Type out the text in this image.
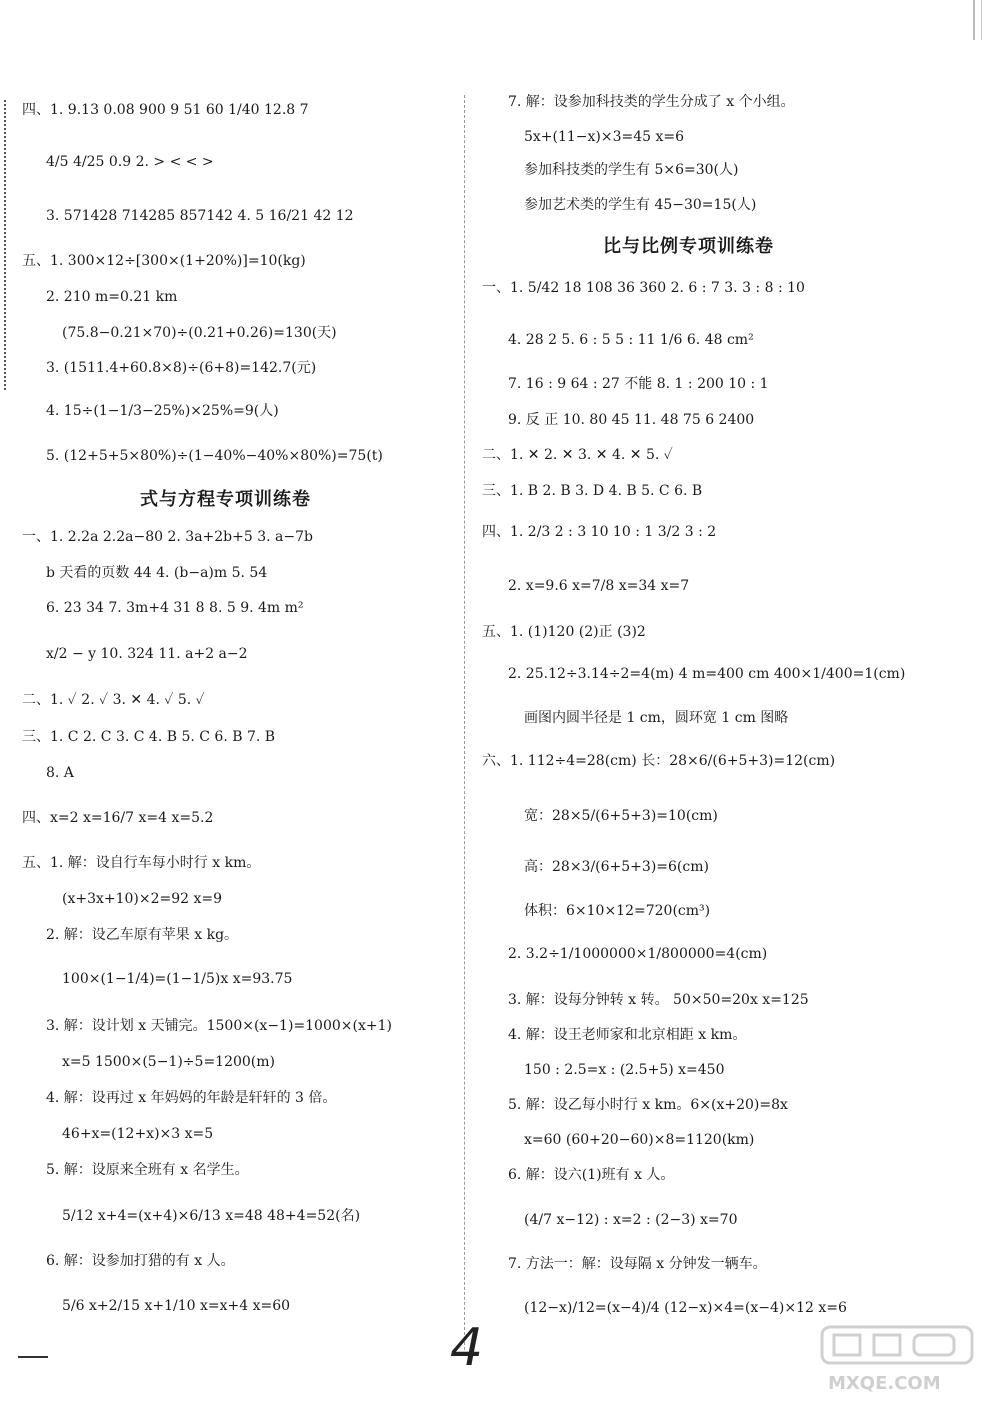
四、1. 9.13 0.08 900 9 51 60 1/40 12.8 7
4/5 4/25 0.9 2. > < < >
3. 571428 714285 857142 4. 5 16/21 42 12
五、1. 300×12÷[300×(1+20%)]=10(kg)
2. 210 m=0.21 km
(75.8−0.21×70)÷(0.21+0.26)=130(天)
3. (1511.4+60.8×8)÷(6+8)=142.7(元)
4. 15÷(1−1/3−25%)×25%=9(人)
5. (12+5+5×80%)÷(1−40%−40%×80%)=75(t)
式与方程专项训练卷
一、1. 2.2a 2.2a−80 2. 3a+2b+5 3. a−7b
b 天看的页数 44 4. (b−a)m 5. 54
6. 23 34 7. 3m+4 31 8 8. 5 9. 4m m²
x/2 − y 10. 324 11. a+2 a−2
二、1. ✓ 2. ✓ 3. ✕ 4. ✓ 5. ✓
三、1. C 2. C 3. C 4. B 5. C 6. B 7. B
8. A
四、x=2 x=16/7 x=4 x=5.2
五、1. 解：设自行车每小时行 x km。
(x+3x+10)×2=92 x=9
2. 解：设乙车原有苹果 x kg。
100×(1−1/4)=(1−1/5)x x=93.75
3. 解：设计划 x 天铺完。1500×(x−1)=1000×(x+1)
x=5 1500×(5−1)÷5=1200(m)
4. 解：设再过 x 年妈妈的年龄是轩轩的 3 倍。
46+x=(12+x)×3 x=5
5. 解：设原来全班有 x 名学生。
5/12 x+4=(x+4)×6/13 x=48 48+4=52(名)
6. 解：设参加打猎的有 x 人。
5/6 x+2/15 x+1/10 x=x+4 x=60
7. 解：设参加科技类的学生分成了 x 个小组。
5x+(11−x)×3=45 x=6
参加科技类的学生有 5×6=30(人)
参加艺术类的学生有 45−30=15(人)
比与比例专项训练卷
一、1. 5/42 18 108 36 360 2. 6 : 7 3. 3 : 8 : 10
4. 28 2 5. 6 : 5 5 : 11 1/6 6. 48 cm²
7. 16 : 9 64 : 27 不能 8. 1 : 200 10 : 1
9. 反 正 10. 80 45 11. 48 75 6 2400
二、1. ✕ 2. ✕ 3. ✕ 4. ✕ 5. ✓
三、1. B 2. B 3. D 4. B 5. C 6. B
四、1. 2/3 2 : 3 10 10 : 1 3/2 3 : 2
2. x=9.6 x=7/8 x=34 x=7
五、1. (1)120 (2)正 (3)2
2. 25.12÷3.14÷2=4(m) 4 m=400 cm 400×1/400=1(cm)
画图内圆半径是 1 cm，圆环宽 1 cm 图略
六、1. 112÷4=28(cm) 长：28×6/(6+5+3)=12(cm)
宽：28×5/(6+5+3)=10(cm)
高：28×3/(6+5+3)=6(cm)
体积：6×10×12=720(cm³)
2. 3.2÷1/1000000×1/800000=4(cm)
3. 解：设每分钟转 x 转。 50×50=20x x=125
4. 解：设王老师家和北京相距 x km。
150 : 2.5=x : (2.5+5) x=450
5. 解：设乙每小时行 x km。6×(x+20)=8x
x=60 (60+20−60)×8=1120(km)
6. 解：设六(1)班有 x 人。
(4/7 x−12) : x=2 : (2−3) x=70
7. 方法一：解：设每隔 x 分钟发一辆车。
(12−x)/12=(x−4)/4 (12−x)×4=(x−4)×12 x=6
4
MXQE.COM
